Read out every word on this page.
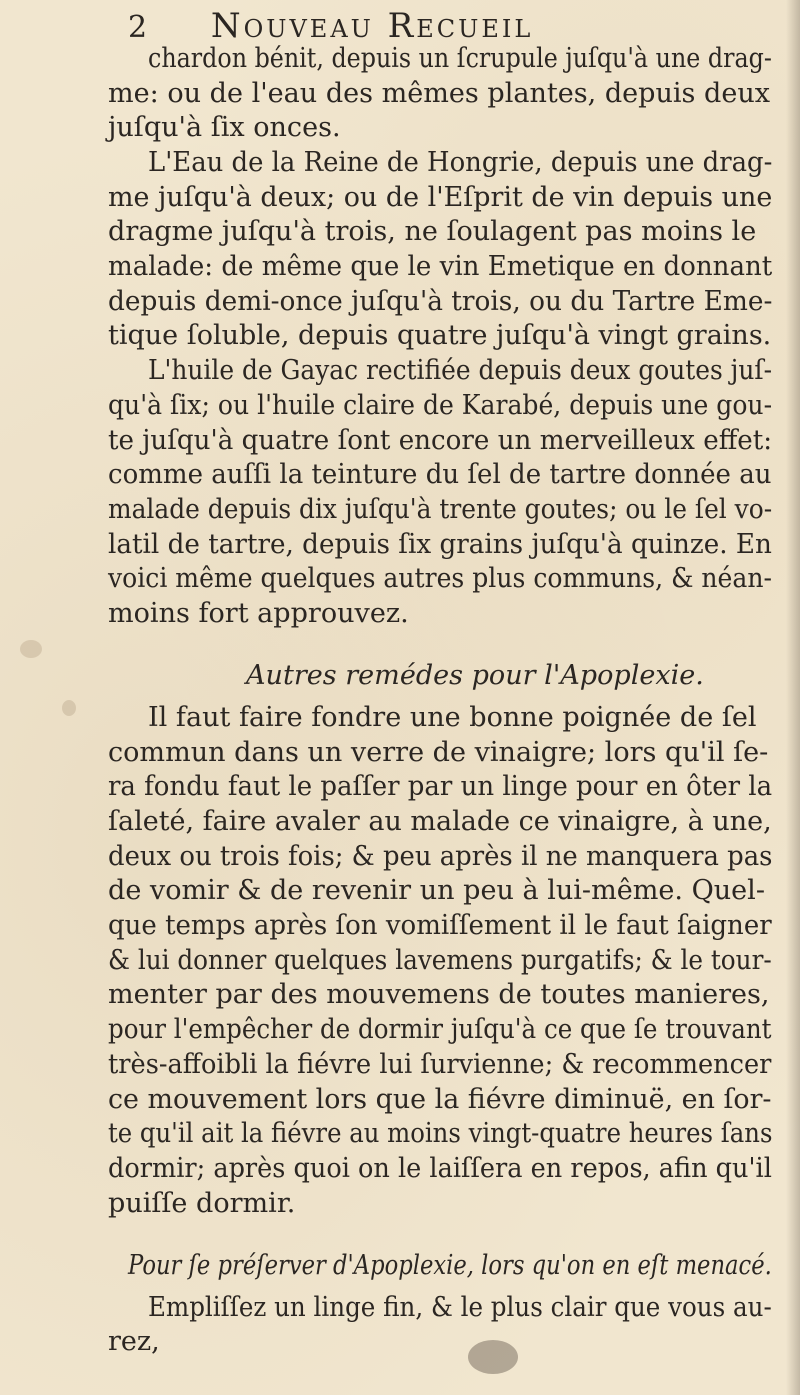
2 Nouveau Recueil
chardon bénit, depuis un ſcrupule juſqu'à une drag-
me: ou de l'eau des mêmes plantes, depuis deux
juſqu'à ſix onces.
L'Eau de la Reine de Hongrie, depuis une drag-
me juſqu'à deux; ou de l'Eſprit de vin depuis une
dragme juſqu'à trois, ne ſoulagent pas moins le
malade: de même que le vin Emetique en donnant
depuis demi-once juſqu'à trois, ou du Tartre Eme-
tique ſoluble, depuis quatre juſqu'à vingt grains.
L'huile de Gayac rectifiée depuis deux goutes juſ-
qu'à ſix; ou l'huile claire de Karabé, depuis une gou-
te juſqu'à quatre ſont encore un merveilleux effet:
comme auſſi la teinture du ſel de tartre donnée au
malade depuis dix juſqu'à trente goutes; ou le ſel vo-
latil de tartre, depuis ſix grains juſqu'à quinze. En
voici même quelques autres plus communs, & néan-
moins fort approuvez.
Autres remédes pour l'Apoplexie.
Il faut faire fondre une bonne poignée de ſel
commun dans un verre de vinaigre; lors qu'il ſe-
ra fondu faut le paſſer par un linge pour en ôter la
ſaleté, faire avaler au malade ce vinaigre, à une,
deux ou trois fois; & peu après il ne manquera pas
de vomir & de revenir un peu à lui-même. Quel-
que temps après ſon vomiſſement il le faut ſaigner
& lui donner quelques lavemens purgatifs; & le tour-
menter par des mouvemens de toutes manieres,
pour l'empêcher de dormir juſqu'à ce que ſe trouvant
très-affoibli la fiévre lui ſurvienne; & recommencer
ce mouvement lors que la fiévre diminuë, en ſor-
te qu'il ait la fiévre au moins vingt-quatre heures ſans
dormir; après quoi on le laiſſera en repos, afin qu'il
puiſſe dormir.
Pour ſe préſerver d'Apoplexie, lors qu'on en eſt menacé.
Empliſſez un linge fin, & le plus clair que vous au-
rez,
